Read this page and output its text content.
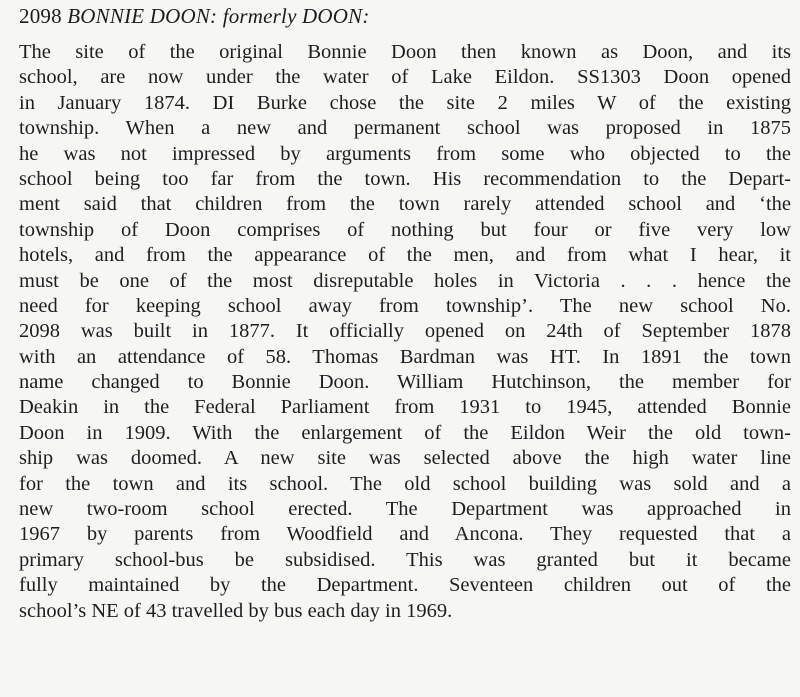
2098 BONNIE DOON: formerly DOON:
The site of the original Bonnie Doon then known as Doon, and its
school, are now under the water of Lake Eildon. SS1303 Doon opened
in January 1874. DI Burke chose the site 2 miles W of the existing
township. When a new and permanent school was proposed in 1875
he was not impressed by arguments from some who objected to the
school being too far from the town. His recommendation to the Depart-
ment said that children from the town rarely attended school and ‘the
township of Doon comprises of nothing but four or five very low
hotels, and from the appearance of the men, and from what I hear, it
must be one of the most disreputable holes in Victoria . . . hence the
need for keeping school away from township’. The new school No.
2098 was built in 1877. It officially opened on 24th of September 1878
with an attendance of 58. Thomas Bardman was HT. In 1891 the town
name changed to Bonnie Doon. William Hutchinson, the member for
Deakin in the Federal Parliament from 1931 to 1945, attended Bonnie
Doon in 1909. With the enlargement of the Eildon Weir the old town-
ship was doomed. A new site was selected above the high water line
for the town and its school. The old school building was sold and a
new two-room school erected. The Department was approached in
1967 by parents from Woodfield and Ancona. They requested that a
primary school-bus be subsidised. This was granted but it became
fully maintained by the Department. Seventeen children out of the
school’s NE of 43 travelled by bus each day in 1969.
